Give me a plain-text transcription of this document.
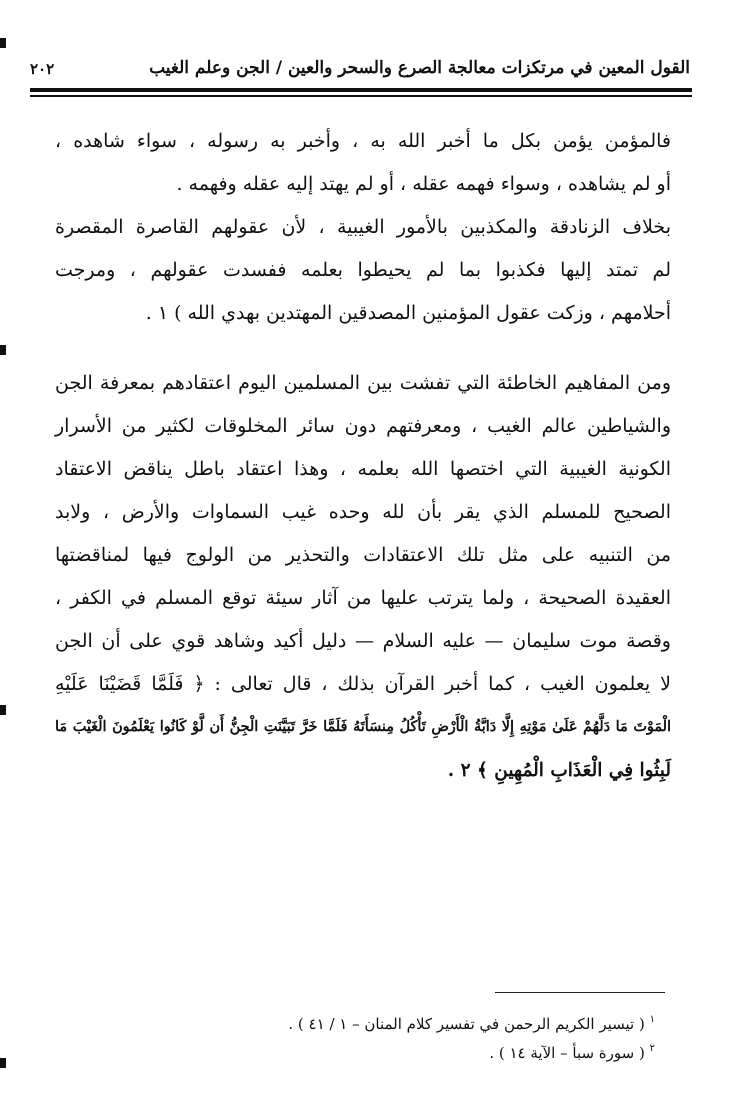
القول المعين في مرتكزات معالجة الصرع والسحر والعين / الجن وعلم الغيب
٢٠٢
فالمؤمن يؤمن بكل ما أخبر الله به ، وأخبر به رسوله ، سواء شاهده ،
أو لم يشاهده ، وسواء فهمه عقله ، أو لم يهتد إليه عقله وفهمه .
بخلاف الزنادقة والمكذبين بالأمور الغيبية ، لأن عقولهم القاصرة المقصرة
لم تمتد إليها فكذبوا بما لم يحيطوا بعلمه ففسدت عقولهم ، ومرجت
أحلامهم ، وزكت عقول المؤمنين المصدقين المهتدين بهدي الله ) ١ .
ومن المفاهيم الخاطئة التي تفشت بين المسلمين اليوم اعتقادهم بمعرفة الجن
والشياطين عالم الغيب ، ومعرفتهم دون سائر المخلوقات لكثير من الأسرار
الكونية الغيبية التي اختصها الله بعلمه ، وهذا اعتقاد باطل يناقض الاعتقاد
الصحيح للمسلم الذي يقر بأن لله وحده غيب السماوات والأرض ، ولابد
من التنبيه على مثل تلك الاعتقادات والتحذير من الولوج فيها لمناقضتها
العقيدة الصحيحة ، ولما يترتب عليها من آثار سيئة توقع المسلم في الكفر ،
وقصة موت سليمان — عليه السلام — دليل أكيد وشاهد قوي على أن الجن
لا يعلمون الغيب ، كما أخبر القرآن بذلك ، قال تعالى : ﴿ فَلَمَّا قَضَيْنَا عَلَيْهِ
الْمَوْتَ مَا دَلَّهُمْ عَلَىٰ مَوْتِهِ إِلَّا دَابَّةُ الْأَرْضِ تَأْكُلُ مِنسَأَتَهُ فَلَمَّا خَرَّ تَبَيَّنَتِ الْجِنُّ أَن لَّوْ كَانُوا يَعْلَمُونَ الْغَيْبَ مَا
لَبِثُوا فِي الْعَذَابِ الْمُهِينِ ﴾ ٢ .
$^١$ ( تيسير الكريم الرحمن في تفسير كلام المنان – ١ / ٤١ ) .
$^٢$ ( سورة سبأ – الآية ١٤ ) .
